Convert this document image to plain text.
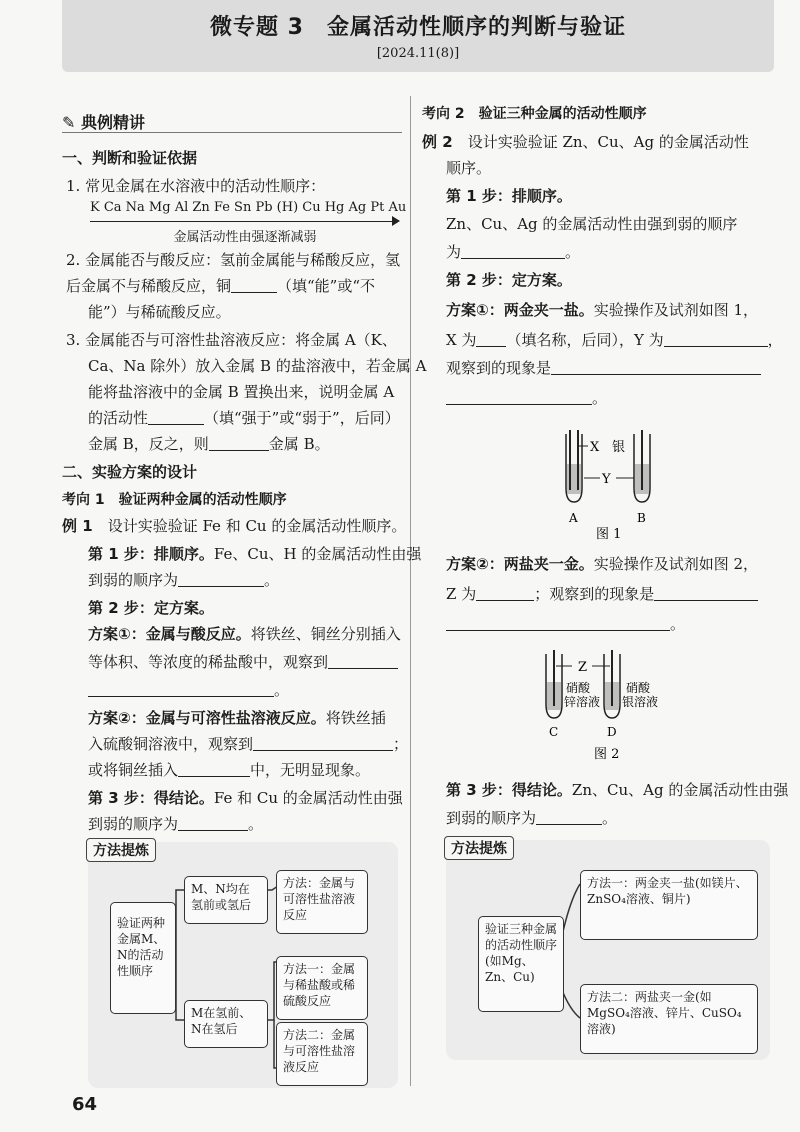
微专题 3　金属活动性顺序的判断与验证
[2024.11(8)]
✎ 典例精讲
一、判断和验证依据
1. 常见金属在水溶液中的活动性顺序：
K Ca Na Mg Al Zn Fe Sn Pb (H) Cu Hg Ag Pt Au
金属活动性由强逐渐减弱
2. 金属能否与酸反应：氢前金属能与稀酸反应，氢
后金属不与稀酸反应，铜	（填“能”或“不
能”）与稀硫酸反应。
3. 金属能否与可溶性盐溶液反应：将金属 A（K、
Ca、Na 除外）放入金属 B 的盐溶液中，若金属 A
能将盐溶液中的金属 B 置换出来，说明金属 A
的活动性	（填“强于”或“弱于”，后同）
金属 B，反之，则	金属 B。
二、实验方案的设计
考向 1　验证两种金属的活动性顺序
例 1　 设计实验验证 Fe 和 Cu 的金属活动性顺序。
第 1 步：排顺序。Fe、Cu、H 的金属活动性由强
到弱的顺序为	。
第 2 步：定方案。
方案①：金属与酸反应。将铁丝、铜丝分别插入
等体积、等浓度的稀盐酸中，观察到
。
方案②：金属与可溶性盐溶液反应。将铁丝插
入硫酸铜溶液中，观察到	；
或将铜丝插入	中，无明显现象。
第 3 步：得结论。Fe 和 Cu 的金属活动性由强
到弱的顺序为	。
方法提炼
验证两种金属M、N的活动性顺序
M、N均在氢前或氢后
方法：金属与可溶性盐溶液反应
M在氢前、N在氢后
方法一：金属与稀盐酸或稀硫酸反应
方法二：金属与可溶性盐溶液反应
64
考向 2　验证三种金属的活动性顺序
例 2　 设计实验验证 Zn、Cu、Ag 的金属活动性
顺序。
第 1 步：排顺序。
Zn、Cu、Ag 的金属活动性由强到弱的顺序
为	。
第 2 步：定方案。
方案①：两金夹一盐。实验操作及试剂如图 1，
X 为 （填名称，后同），Y 为	，
观察到的现象是
。
X 银
Y
A	B
图 1
方案②：两盐夹一金。实验操作及试剂如图 2，
Z 为	；观察到的现象是
。
Z
硝酸
锌溶液
硝酸
银溶液
C	D
图 2
第 3 步：得结论。Zn、Cu、Ag 的金属活动性由强
到弱的顺序为	。
方法提炼
验证三种金属的活动性顺序(如Mg、Zn、Cu)
方法一：两金夹一盐(如镁片、ZnSO₄溶液、铜片)
方法二：两盐夹一金(如MgSO₄溶液、锌片、CuSO₄溶液)
